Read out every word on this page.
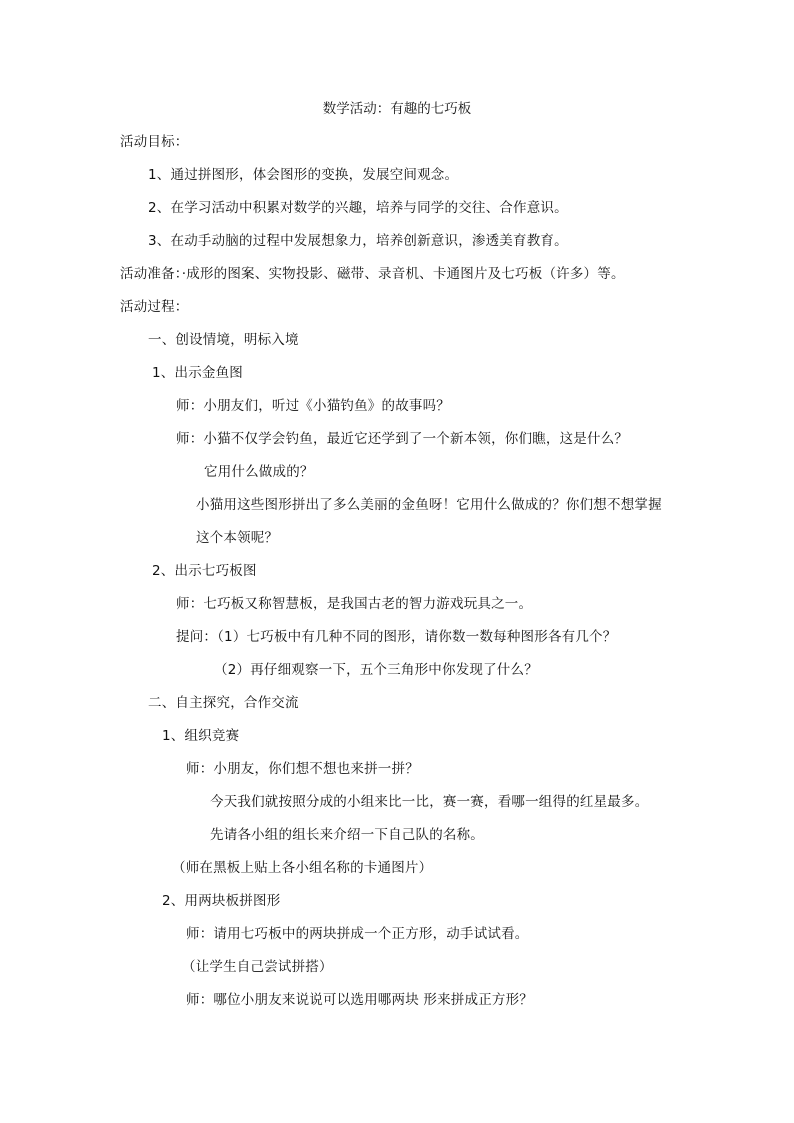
数学活动：有趣的七巧板
活动目标：
1、通过拼图形，体会图形的变换，发展空间观念。
2、在学习活动中积累对数学的兴趣，培养与同学的交往、合作意识。
3、在动手动脑的过程中发展想象力，培养创新意识，渗透美育教育。
活动准备：·成形的图案、实物投影、磁带、录音机、卡通图片及七巧板（许多）等。
活动过程：
一、创设情境，明标入境
1、出示金鱼图
师：小朋友们，听过《小猫钓鱼》的故事吗？
师：小猫不仅学会钓鱼，最近它还学到了一个新本领，你们瞧，这是什么？
它用什么做成的？
小猫用这些图形拼出了多么美丽的金鱼呀！它用什么做成的？你们想不想掌握
这个本领呢？
2、出示七巧板图
师：七巧板又称智慧板，是我国古老的智力游戏玩具之一。
提问：（1）七巧板中有几种不同的图形，请你数一数每种图形各有几个？
（2）再仔细观察一下，五个三角形中你发现了什么？
二、自主探究，合作交流
1、组织竞赛
师：小朋友，你们想不想也来拼一拼？
今天我们就按照分成的小组来比一比，赛一赛，看哪一组得的红星最多。
先请各小组的组长来介绍一下自己队的名称。
（师在黑板上贴上各小组名称的卡通图片）
2、用两块板拼图形
师：请用七巧板中的两块拼成一个正方形，动手试试看。
（让学生自己尝试拼搭）
师：哪位小朋友来说说可以选用哪两块 形来拼成正方形？
